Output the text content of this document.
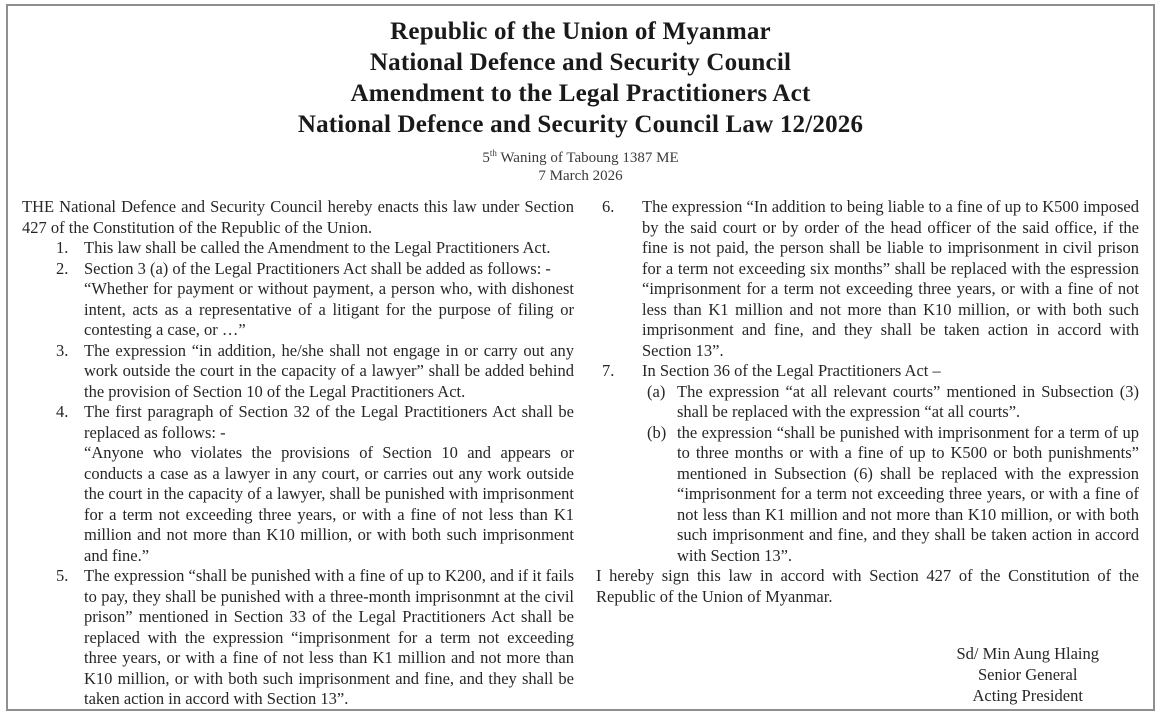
Republic of the Union of Myanmar
National Defence and Security Council
Amendment to the Legal Practitioners Act
National Defence and Security Council Law 12/2026
5th Waning of Taboung 1387 ME
7 March 2026

THE National Defence and Security Council hereby enacts this law under Section 427 of the Constitution of the Republic of the Union.

1. This law shall be called the Amendment to the Legal Practitioners Act.

2. Section 3 (a) of the Legal Practitioners Act shall be added as follows: -

“Whether for payment or without payment, a person who, with dishonest intent, acts as a representative of a litigant for the purpose of filing or contesting a case, or …”

3. The expression “in addition, he/she shall not engage in or carry out any work outside the court in the capacity of a lawyer” shall be added behind the provision of Section 10 of the Legal Practitioners Act.

4. The first paragraph of Section 32 of the Legal Practitioners Act shall be replaced as follows: -

“Anyone who violates the provisions of Section 10 and appears or conducts a case as a lawyer in any court, or carries out any work outside the court in the capacity of a lawyer, shall be punished with imprisonment for a term not exceeding three years, or with a fine of not less than K1 million and not more than K10 million, or with both such imprisonment and fine.”

5. The expression “shall be punished with a fine of up to K200, and if it fails to pay, they shall be punished with a three-month imprisonmnt at the civil prison” mentioned in Section 33 of the Legal Practitioners Act shall be replaced with the expression “imprisonment for a term not exceeding three years, or with a fine of not less than K1 million and not more than K10 million, or with both such imprisonment and fine, and they shall be taken action in accord with Section 13”.

6.	The expression “In addition to being liable to a fine of up to K500 imposed by the said court or by order of the head officer of the said office, if the fine is not paid, the person shall be liable to imprisonment in civil prison for a term not exceeding six months” shall be replaced with the espression “imprisonment for a term not exceeding three years, or with a fine of not less than K1 million and not more than K10 million, or with both such imprisonment and fine, and they shall be taken action in accord with Section 13”.

7.	In Section 36 of the Legal Practitioners Act –

(a) The expression “at all relevant courts” mentioned in Subsection (3) shall be replaced with the expression “at all courts”.

(b) the expression “shall be punished with imprisonment for a term of up to three months or with a fine of up to K500 or both punishments” mentioned in Subsection (6) shall be replaced with the expression “imprisonment for a term not exceeding three years, or with a fine of not less than K1 million and not more than K10 million, or with both such imprisonment and fine, and they shall be taken action in accord with Section 13”.

I hereby sign this law in accord with Section 427 of the Constitution of the Republic of the Union of Myanmar.

Sd/ Min Aung Hlaing
Senior General
Acting President
